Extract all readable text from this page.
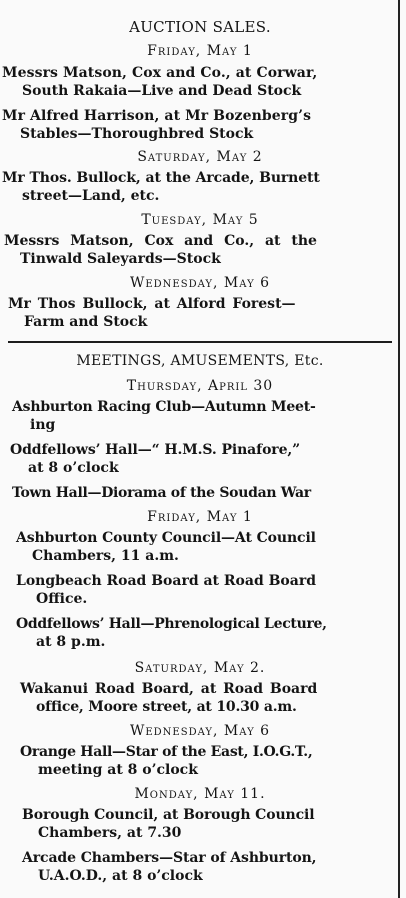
AUCTION SALES.
Friday, May 1
Messrs Matson, Cox and Co., at Corwar,
South Rakaia—Live and Dead Stock
Mr Alfred Harrison, at Mr Bozenberg’s
Stables—Thoroughbred Stock
Saturday, May 2
Mr Thos. Bullock, at the Arcade, Burnett
street—Land, etc.
Tuesday, May 5
Messrs Matson, Cox and Co., at the
Tinwald Saleyards—Stock
Wednesday, May 6
Mr Thos Bullock, at Alford Forest—
Farm and Stock
MEETINGS, AMUSEMENTS, Etc.
Thursday, April 30
Ashburton Racing Club—Autumn Meet-
ing
Oddfellows’ Hall—“ H.M.S. Pinafore,”
at 8 o’clock
Town Hall—Diorama of the Soudan War
Friday, May 1
Ashburton County Council—At Council
Chambers, 11 a.m.
Longbeach Road Board at Road Board
Office.
Oddfellows’ Hall—Phrenological Lecture,
at 8 p.m.
Saturday, May 2.
Wakanui Road Board, at Road Board
office, Moore street, at 10.30 a.m.
Wednesday, May 6
Orange Hall—Star of the East, I.O.G.T.,
meeting at 8 o’clock
Monday, May 11.
Borough Council, at Borough Council
Chambers, at 7.30
Arcade Chambers—Star of Ashburton,
U.A.O.D., at 8 o’clock
